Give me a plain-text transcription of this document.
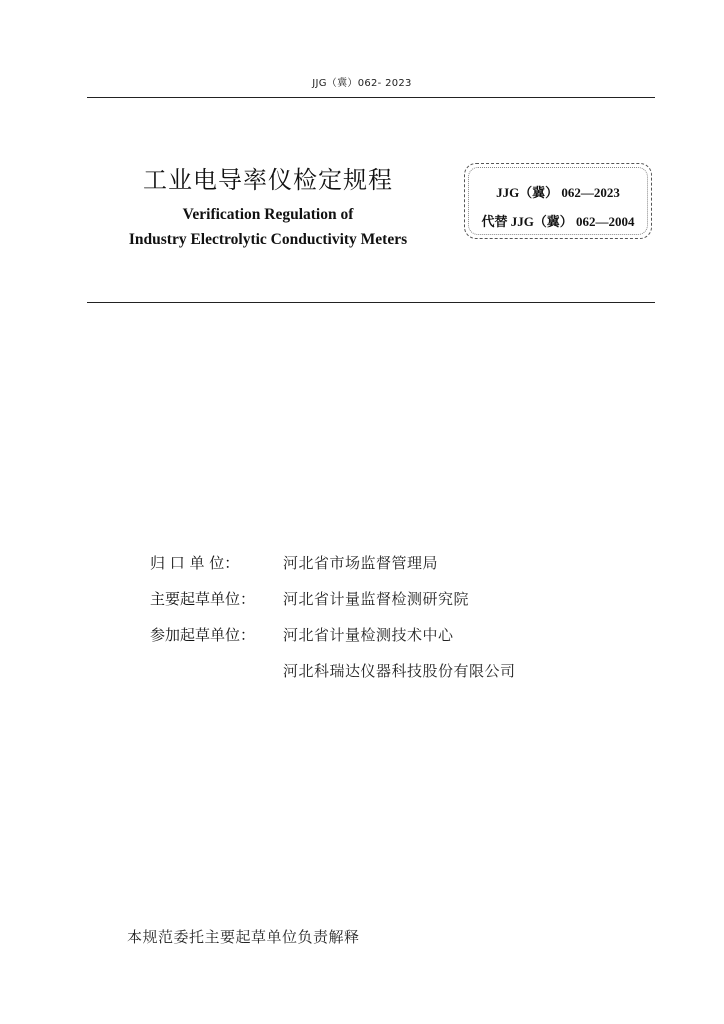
JJG（冀）062- 2023
工业电导率仪检定规程
Verification Regulation of
Industry Electrolytic Conductivity Meters
JJG（冀） 062—2023
代替 JJG（冀） 062—2004
归 口 单 位：	河北省市场监督管理局
主要起草单位：	河北省计量监督检测研究院
参加起草单位：	河北省计量检测技术中心
河北科瑞达仪器科技股份有限公司
本规范委托主要起草单位负责解释
